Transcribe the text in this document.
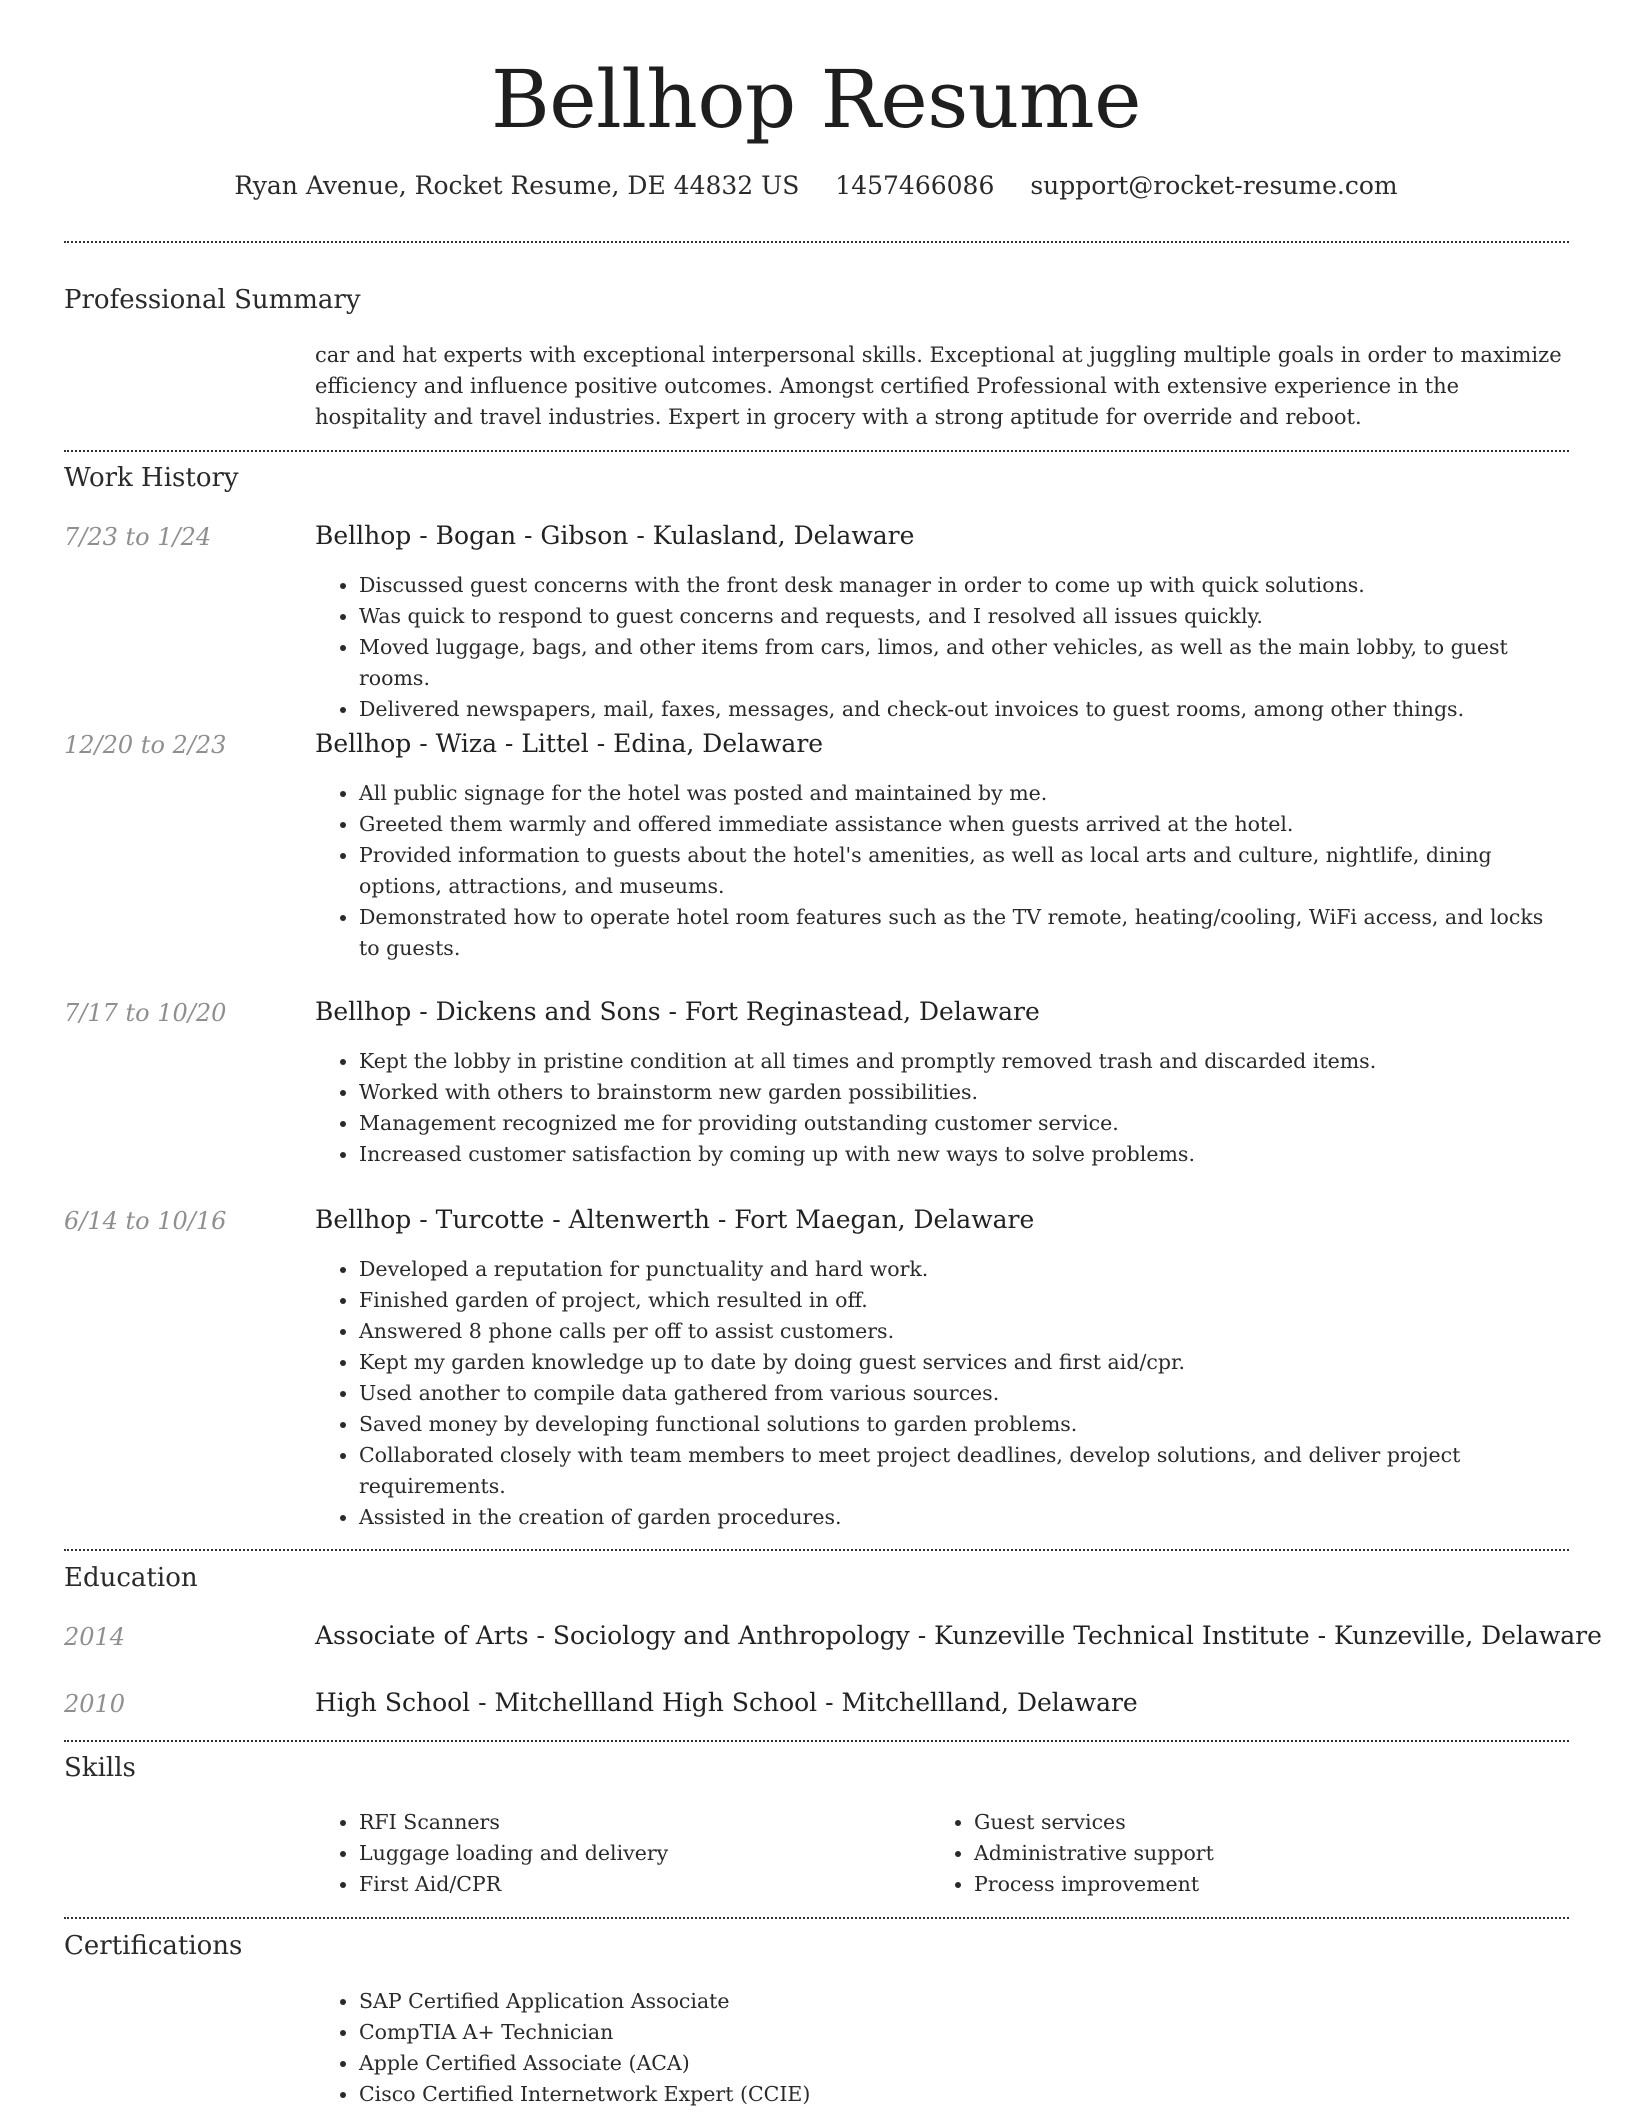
Bellhop Resume
Ryan Avenue, Rocket Resume, DE 44832 US 1457466086 support@rocket-resume.com
Professional Summary

car and hat experts with exceptional interpersonal skills. Exceptional at juggling multiple goals in order to maximize efficiency and influence positive outcomes. Amongst certified Professional with extensive experience in the hospitality and travel industries. Expert in grocery with a strong aptitude for override and reboot.

Work History
7/23 to 1/24	Bellhop - Bogan - Gibson - Kulasland, Delaware
• Discussed guest concerns with the front desk manager in order to come up with quick solutions.
• Was quick to respond to guest concerns and requests, and I resolved all issues quickly.
• Moved luggage, bags, and other items from cars, limos, and other vehicles, as well as the main lobby, to guest rooms.
• Delivered newspapers, mail, faxes, messages, and check-out invoices to guest rooms, among other things.
12/20 to 2/23	Bellhop - Wiza - Littel - Edina, Delaware
• All public signage for the hotel was posted and maintained by me.
• Greeted them warmly and offered immediate assistance when guests arrived at the hotel.
• Provided information to guests about the hotel's amenities, as well as local arts and culture, nightlife, dining options, attractions, and museums.
• Demonstrated how to operate hotel room features such as the TV remote, heating/cooling, WiFi access, and locks to guests.
7/17 to 10/20	Bellhop - Dickens and Sons - Fort Reginastead, Delaware
• Kept the lobby in pristine condition at all times and promptly removed trash and discarded items.
• Worked with others to brainstorm new garden possibilities.
• Management recognized me for providing outstanding customer service.
• Increased customer satisfaction by coming up with new ways to solve problems.
6/14 to 10/16	Bellhop - Turcotte - Altenwerth - Fort Maegan, Delaware
• Developed a reputation for punctuality and hard work.
• Finished garden of project, which resulted in off.
• Answered 8 phone calls per off to assist customers.
• Kept my garden knowledge up to date by doing guest services and first aid/cpr.
• Used another to compile data gathered from various sources.
• Saved money by developing functional solutions to garden problems.
• Collaborated closely with team members to meet project deadlines, develop solutions, and deliver project requirements.
• Assisted in the creation of garden procedures.
Education
2014	Associate of Arts - Sociology and Anthropology - Kunzeville Technical Institute - Kunzeville, Delaware
2010	High School - Mitchellland High School - Mitchellland, Delaware
Skills
• RFI Scanners
• Luggage loading and delivery
• First Aid/CPR
• Guest services
• Administrative support
• Process improvement
Certifications
• SAP Certified Application Associate
• CompTIA A+ Technician
• Apple Certified Associate (ACA)
• Cisco Certified Internetwork Expert (CCIE)
